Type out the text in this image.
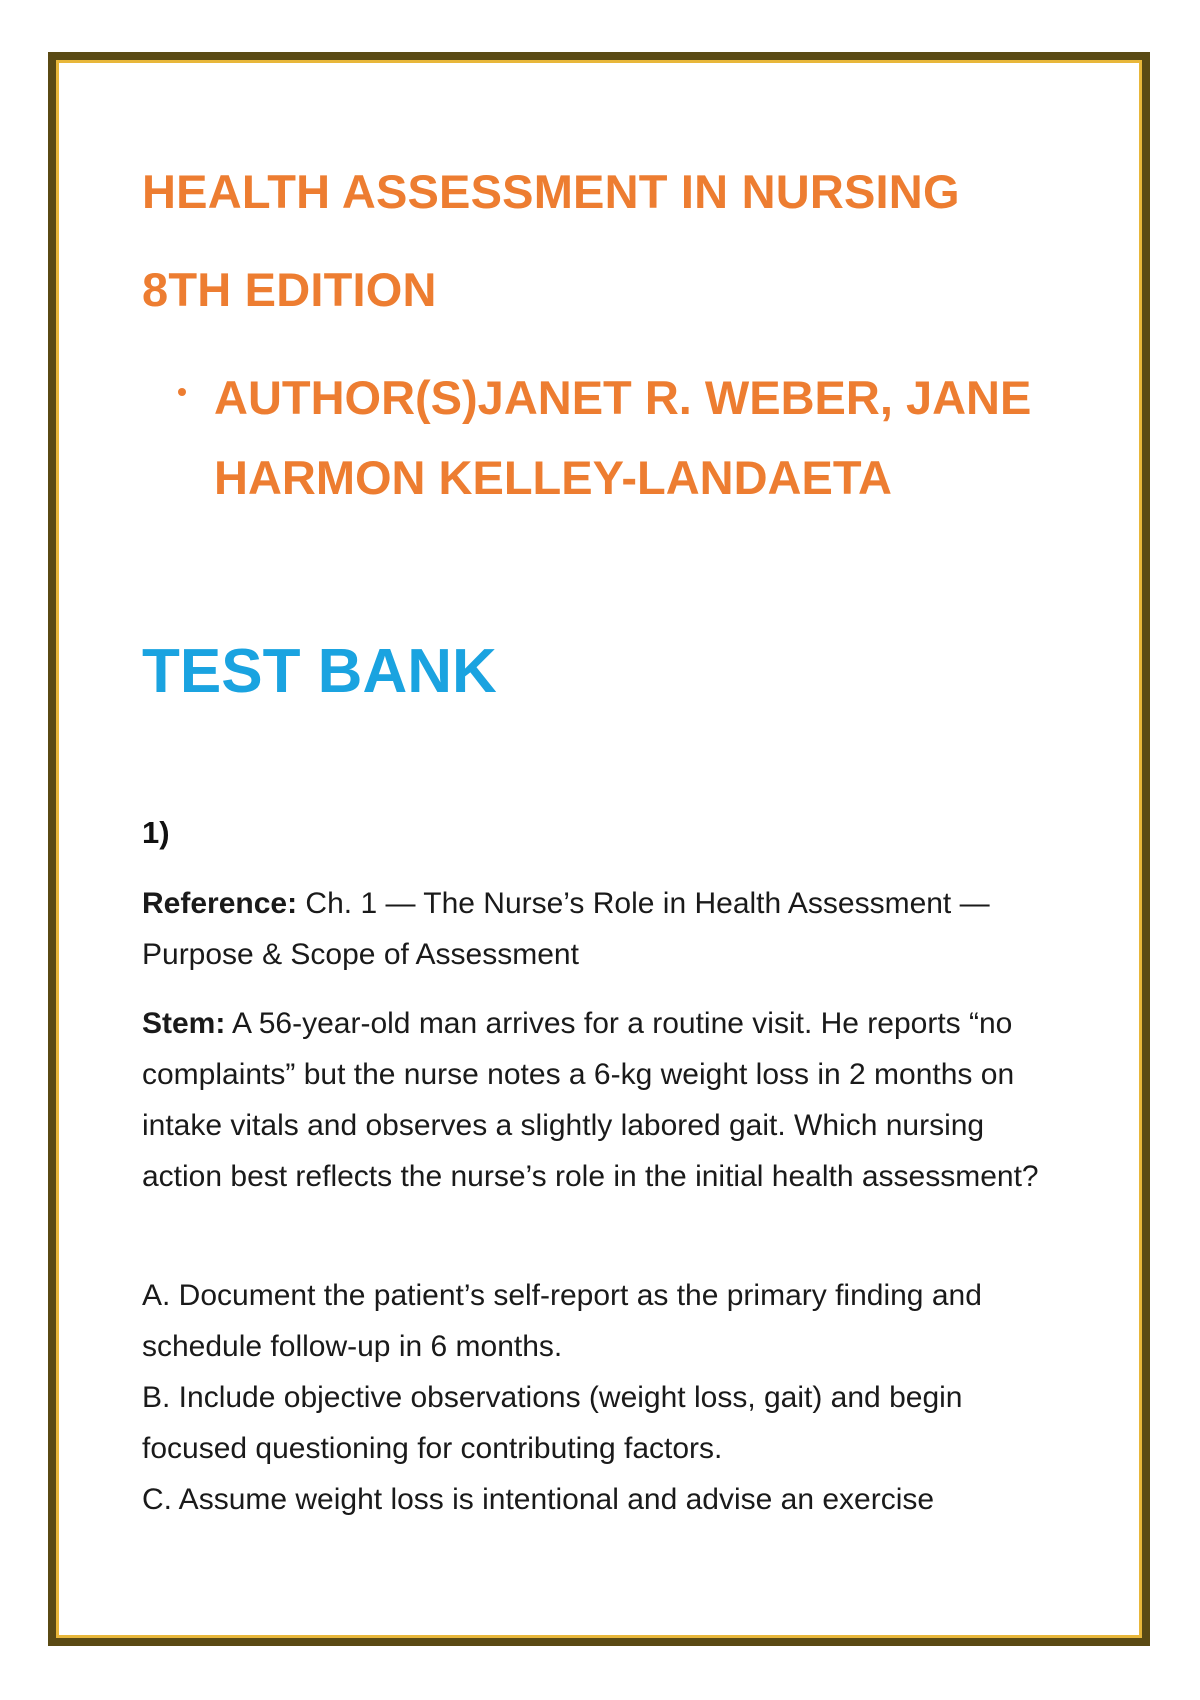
HEALTH ASSESSMENT IN NURSING
8TH EDITION
AUTHOR(S)JANET R. WEBER, JANE HARMON KELLEY-LANDAETA
TEST BANK
1)
Reference: Ch. 1 — The Nurse’s Role in Health Assessment — Purpose & Scope of Assessment
Stem: A 56-year-old man arrives for a routine visit. He reports “no complaints” but the nurse notes a 6-kg weight loss in 2 months on intake vitals and observes a slightly labored gait. Which nursing action best reflects the nurse’s role in the initial health assessment?
A. Document the patient’s self-report as the primary finding and schedule follow-up in 6 months.
B. Include objective observations (weight loss, gait) and begin focused questioning for contributing factors.
C. Assume weight loss is intentional and advise an exercise
